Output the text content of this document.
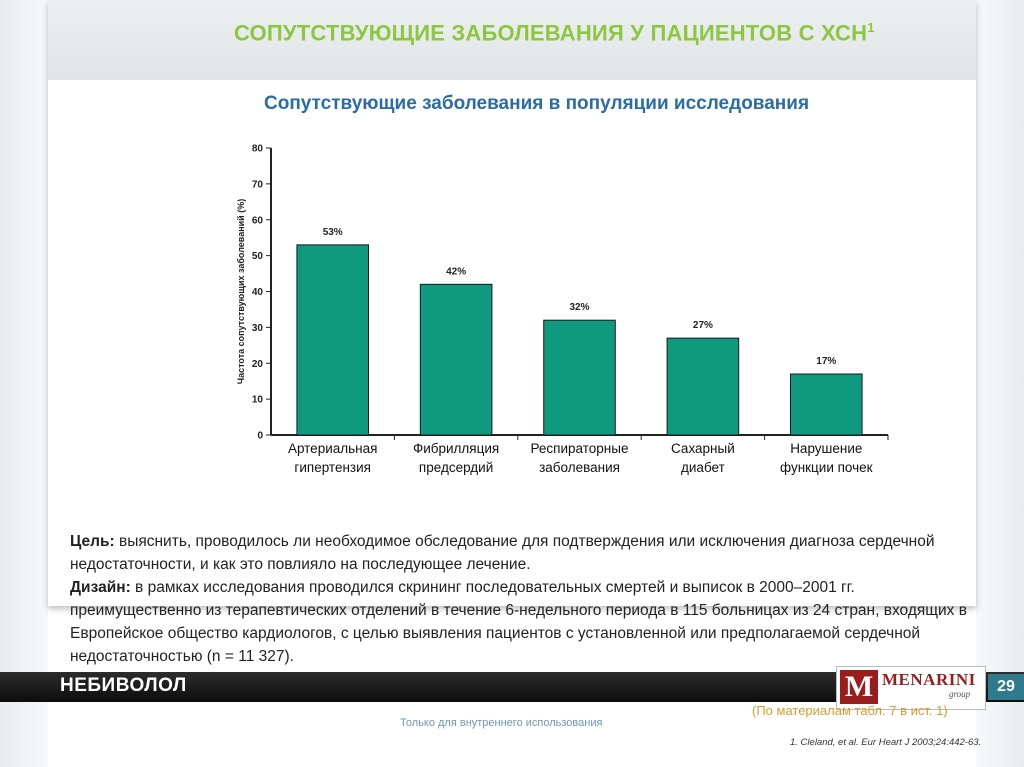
СОПУТСТВУЮЩИЕ ЗАБОЛЕВАНИЯ У ПАЦИЕНТОВ С ХСН$^1$
Сопутствующие заболевания в популяции исследования
Частота сопутствующих заболеваний (%)
0
10
20
30
40
50
60
70
80
53%
Артериальная
гипертензия
42%
Фибрилляция
предсердий
32%
Респираторные
заболевания
27%
Сахарный
диабет
17%
Нарушение
функции почек

Цель: выяснить, проводилось ли необходимое обследование для подтверждения или исключения диагноза сердечной недостаточности, и как это повлияло на последующее лечение.

Дизайн: в рамках исследования проводился скрининг последовательных смертей и выписок в 2000–2001 гг. преимущественно из терапевтических отделений в течение 6-недельного периода в 115 больницах из 24 стран, входящих в Европейское общество кардиологов, с целью выявления пациентов с установленной или предполагаемой сердечной недостаточностью (n = 11 327).

НЕБИВОЛОЛ	M MENARINI
group	29

(По материалам табл. 7 в ист. 1)

Только для внутреннего использования

1. Cleland, et al. Eur Heart J 2003;24:442-63.
